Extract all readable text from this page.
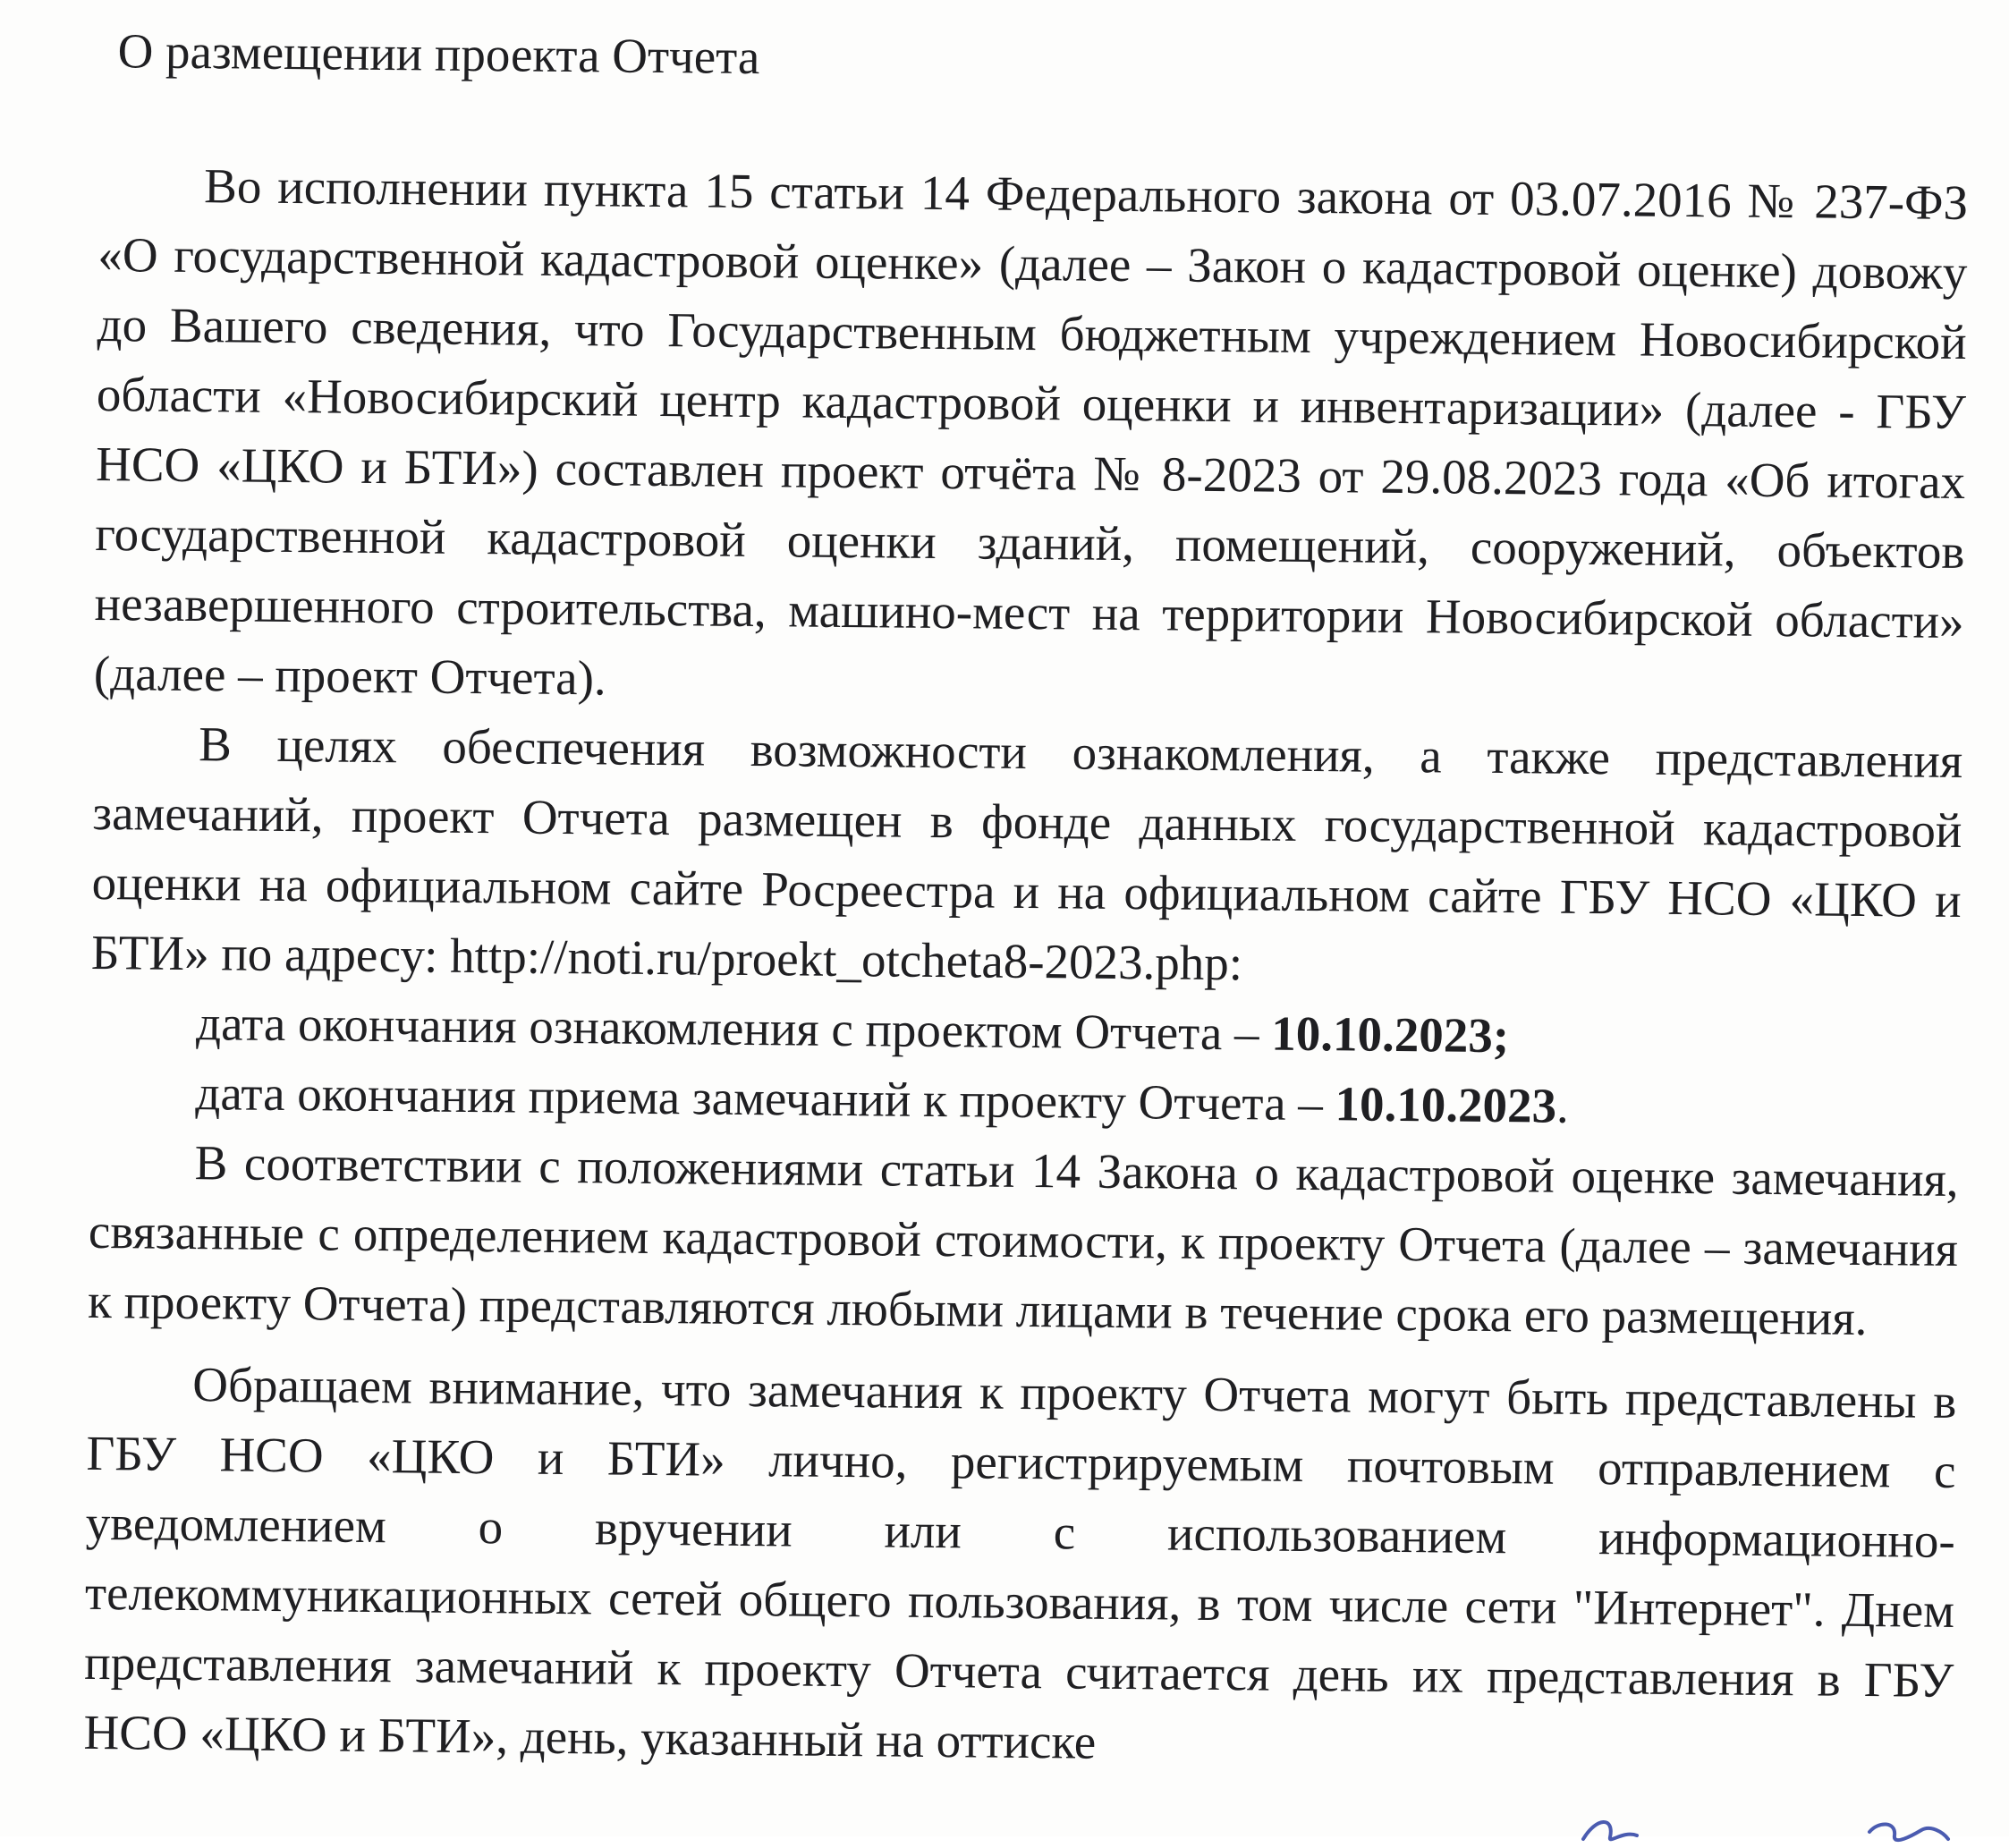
О размещении проекта Отчета

Во исполнении пункта 15 статьи 14 Федерального закона от 03.07.2016 № 237-ФЗ «О государственной кадастровой оценке» (далее – Закон о кадастровой оценке) довожу до Вашего сведения, что Государственным бюджетным учреждением Новосибирской области «Новосибирский центр кадастровой оценки и инвентаризации» (далее - ГБУ НСО «ЦКО и БТИ») составлен проект отчёта № 8-2023 от 29.08.2023 года «Об итогах государственной кадастровой оценки зданий, помещений, сооружений, объектов незавершенного строительства, машино-мест на территории Новосибирской области» (далее – проект Отчета).

В целях обеспечения возможности ознакомления, а также представления замечаний, проект Отчета размещен в фонде данных государственной кадастровой оценки на официальном сайте Росреестра и на официальном сайте ГБУ НСО «ЦКО и БТИ» по адресу: http://noti.ru/proekt_otcheta8-2023.php:

дата окончания ознакомления с проектом Отчета – 10.10.2023;

дата окончания приема замечаний к проекту Отчета – 10.10.2023.

В соответствии с положениями статьи 14 Закона о кадастровой оценке замечания, связанные с определением кадастровой стоимости, к проекту Отчета (далее – замечания к проекту Отчета) представляются любыми лицами в течение срока его размещения.

Обращаем внимание, что замечания к проекту Отчета могут быть представлены в ГБУ НСО «ЦКО и БТИ» лично, регистрируемым почтовым отправлением с уведомлением о вручении или с использованием информационно-телекоммуникационных сетей общего пользования, в том числе сети "Интернет". Днем представления замечаний к проекту Отчета считается день их представления в ГБУ НСО «ЦКО и БТИ», день, указанный на оттиске
